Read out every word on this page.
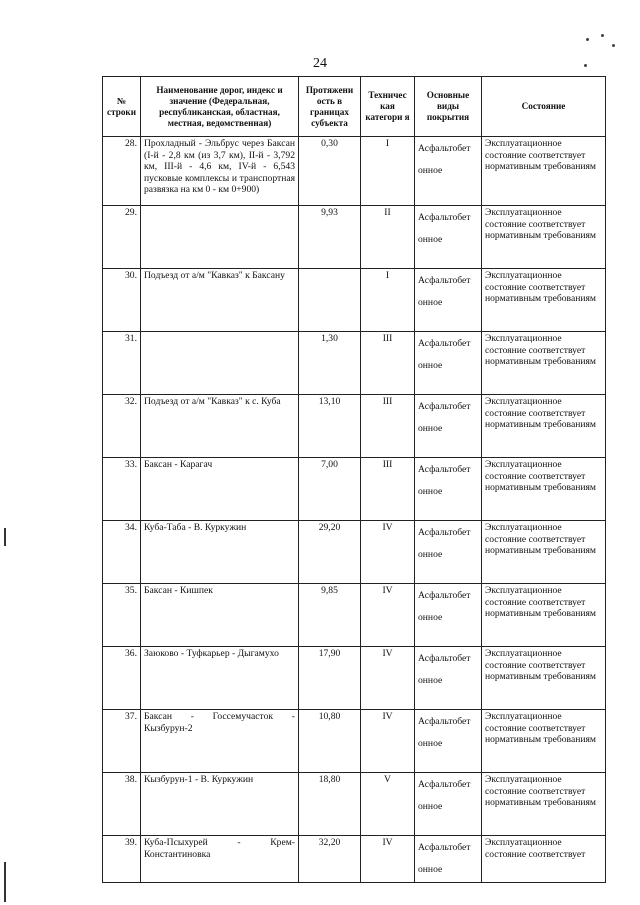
24
№ строки	Наименование дорог, индекс и значение (Федеральная, республиканская, областная, местная, ведомственная)	Протяжени ость в границах субъекта	Техничес кая категори я	Основные виды покрытия	Состояние
28.	Прохладный - Эльбрус через Баксан (I-й - 2,8 км (из 3,7 км), II-й - 3,792 км, III-й - 4,6 км, IV-й - 6,543 пусковые комплексы и транспортная развязка на км 0 - км 0+900)	0,30	I	Асфальтобет онное	Эксплуатационное состояние соответствует нормативным требованиям
29.		9,93	II	Асфальтобет онное	Эксплуатационное состояние соответствует нормативным требованиям
30.	Подъезд от а/м "Кавказ" к Баксану		I	Асфальтобет онное	Эксплуатационное состояние соответствует нормативным требованиям
31.		1,30	III	Асфальтобет онное	Эксплуатационное состояние соответствует нормативным требованиям
32.	Подъезд от а/м "Кавказ" к с. Куба	13,10	III	Асфальтобет онное	Эксплуатационное состояние соответствует нормативным требованиям
33.	Баксан - Карагач	7,00	III	Асфальтобет онное	Эксплуатационное состояние соответствует нормативным требованиям
34.	Куба-Таба - В. Куркужин	29,20	IV	Асфальтобет онное	Эксплуатационное состояние соответствует нормативным требованиям
35.	Баксан - Кишпек	9,85	IV	Асфальтобет онное	Эксплуатационное состояние соответствует нормативным требованиям
36.	Заюково - Туфкарьер - Дыгамухо	17,90	IV	Асфальтобет онное	Эксплуатационное состояние соответствует нормативным требованиям
37.	Баксан - Госсемучасток - Кызбурун-2	10,80	IV	Асфальтобет онное	Эксплуатационное состояние соответствует нормативным требованиям
38.	Кызбурун-1 - В. Куркужин	18,80	V	Асфальтобет онное	Эксплуатационное состояние соответствует нормативным требованиям
39.	Куба-Псыхурей - Крем-Константиновка	32,20	IV	Асфальтобет онное	Эксплуатационное состояние соответствует
